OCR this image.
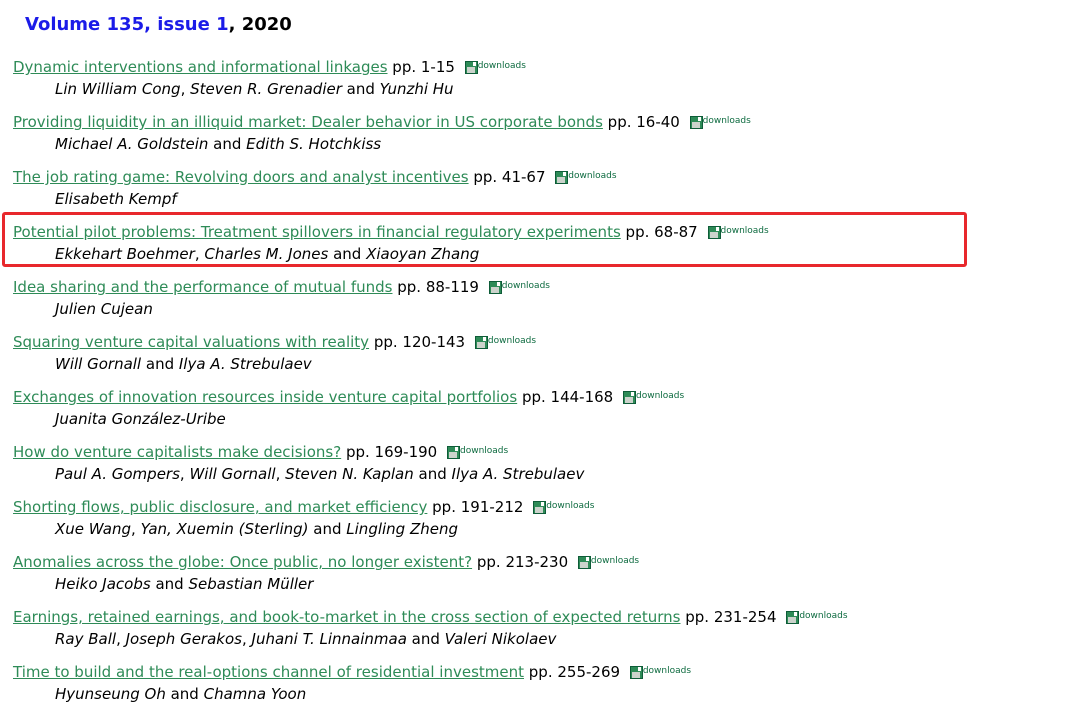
Volume 135, issue 1, 2020
Dynamic interventions and informational linkages pp. 1-15	$^{downloads}$
Lin William Cong, Steven R. Grenadier and Yunzhi Hu
Providing liquidity in an illiquid market: Dealer behavior in US corporate bonds pp. 16-40	$^{downloads}$
Michael A. Goldstein and Edith S. Hotchkiss
The job rating game: Revolving doors and analyst incentives pp. 41-67	$^{downloads}$
Elisabeth Kempf
Potential pilot problems: Treatment spillovers in financial regulatory experiments pp. 68-87	$^{downloads}$
Ekkehart Boehmer, Charles M. Jones and Xiaoyan Zhang
Idea sharing and the performance of mutual funds pp. 88-119	$^{downloads}$
Julien Cujean
Squaring venture capital valuations with reality pp. 120-143	$^{downloads}$
Will Gornall and Ilya A. Strebulaev
Exchanges of innovation resources inside venture capital portfolios pp. 144-168	$^{downloads}$
Juanita González-Uribe
How do venture capitalists make decisions? pp. 169-190	$^{downloads}$
Paul A. Gompers, Will Gornall, Steven N. Kaplan and Ilya A. Strebulaev
Shorting flows, public disclosure, and market efficiency pp. 191-212	$^{downloads}$
Xue Wang, Yan, Xuemin (Sterling) and Lingling Zheng
Anomalies across the globe: Once public, no longer existent? pp. 213-230	$^{downloads}$
Heiko Jacobs and Sebastian Müller
Earnings, retained earnings, and book-to-market in the cross section of expected returns pp. 231-254	$^{downloads}$
Ray Ball, Joseph Gerakos, Juhani T. Linnainmaa and Valeri Nikolaev
Time to build and the real-options channel of residential investment pp. 255-269	$^{downloads}$
Hyunseung Oh and Chamna Yoon
